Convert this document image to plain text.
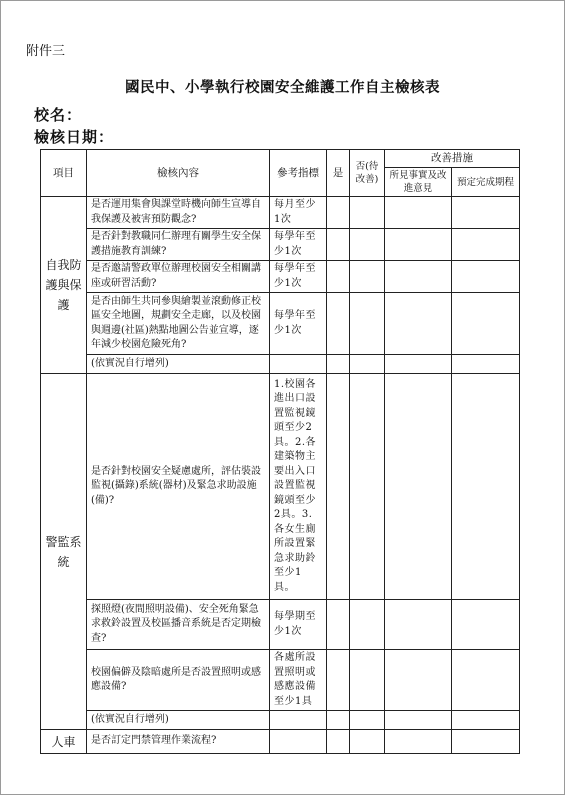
附件三
國民中、小學執行校園安全維護工作自主檢核表
校名：
檢核日期：
項目	檢核內容	參考指標	是	否(待改善)	改善措施	
					所見事實及改進意見	預定完成期程
自我防護與保護	是否運用集會與課堂時機向師生宣導自我保護及被害預防觀念?	每月至少1次				
	是否針對教職同仁辦理有關學生安全保護措施教育訓練?	每學年至少1次				
	是否邀請警政單位辦理校園安全相關講座或研習活動?	每學年至少1次				
	是否由師生共同參與繪製並滾動修正校區安全地圖，規劃安全走廊，以及校園與週邊(社區)熱點地圖公告並宣導，逐年減少校園危險死角?	每學年至少1次				
	(依實況自行增列)					
警監系統	是否針對校園安全疑慮處所，評估裝設監視(攝錄)系統(器材)及緊急求助設施(備)?	1.校園各進出口設置監視鏡頭至少2具。2.各建築物主要出入口設置監視鏡頭至少2具。3.各女生廁所設置緊急求助鈴至少1具。				
	探照燈(夜間照明設備)、安全死角緊急求救鈴設置及校區播音系統是否定期檢查?	每學期至少1次				
	校園偏僻及陰暗處所是否設置照明或感應設備?	各處所設置照明或感應設備至少1具				
	(依實況自行增列)					
人車	是否訂定門禁管理作業流程?					
